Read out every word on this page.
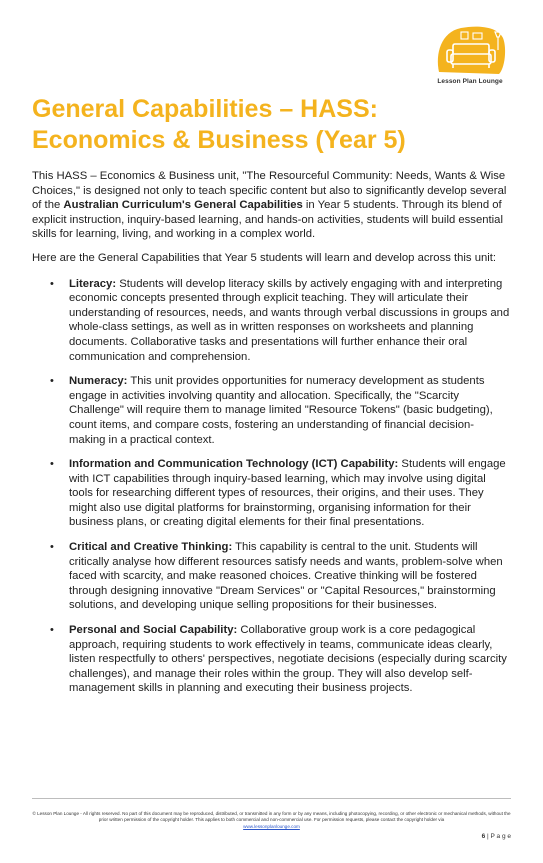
Lesson Plan Lounge
General Capabilities – HASS:
Economics & Business (Year 5)

This HASS – Economics & Business unit, "The Resourceful Community: Needs, Wants & Wise Choices," is designed not only to teach specific content but also to significantly develop several of the Australian Curriculum's General Capabilities in Year 5 students. Through its blend of explicit instruction, inquiry-based learning, and hands-on activities, students will build essential skills for learning, living, and working in a complex world.

Here are the General Capabilities that Year 5 students will learn and develop across this unit:

• Literacy: Students will develop literacy skills by actively engaging with and interpreting economic concepts presented through explicit teaching. They will articulate their understanding of resources, needs, and wants through verbal discussions in groups and whole-class settings, as well as in written responses on worksheets and planning documents. Collaborative tasks and presentations will further enhance their oral communication and comprehension.
• Numeracy: This unit provides opportunities for numeracy development as students engage in activities involving quantity and allocation. Specifically, the "Scarcity Challenge" will require them to manage limited "Resource Tokens" (basic budgeting), count items, and compare costs, fostering an understanding of financial decision-making in a practical context.
• Information and Communication Technology (ICT) Capability: Students will engage with ICT capabilities through inquiry-based learning, which may involve using digital tools for researching different types of resources, their origins, and their uses. They might also use digital platforms for brainstorming, organising information for their business plans, or creating digital elements for their final presentations.
• Critical and Creative Thinking: This capability is central to the unit. Students will critically analyse how different resources satisfy needs and wants, problem-solve when faced with scarcity, and make reasoned choices. Creative thinking will be fostered through designing innovative "Dream Services" or "Capital Resources," brainstorming solutions, and developing unique selling propositions for their businesses.
• Personal and Social Capability: Collaborative group work is a core pedagogical approach, requiring students to work effectively in teams, communicate ideas clearly, listen respectfully to others' perspectives, negotiate decisions (especially during scarcity challenges), and manage their roles within the group. They will also develop self-management skills in planning and executing their business projects.
© Lesson Plan Lounge - All rights reserved. No part of this document may be reproduced, distributed, or transmitted in any form or by any means, including photocopying, recording, or other electronic or mechanical methods, without the prior written permission of the copyright holder. This applies to both commercial and non-commercial use. For permission requests, please contact the copyright holder via
www.lessonplanlounge.com
6 | P a g e
